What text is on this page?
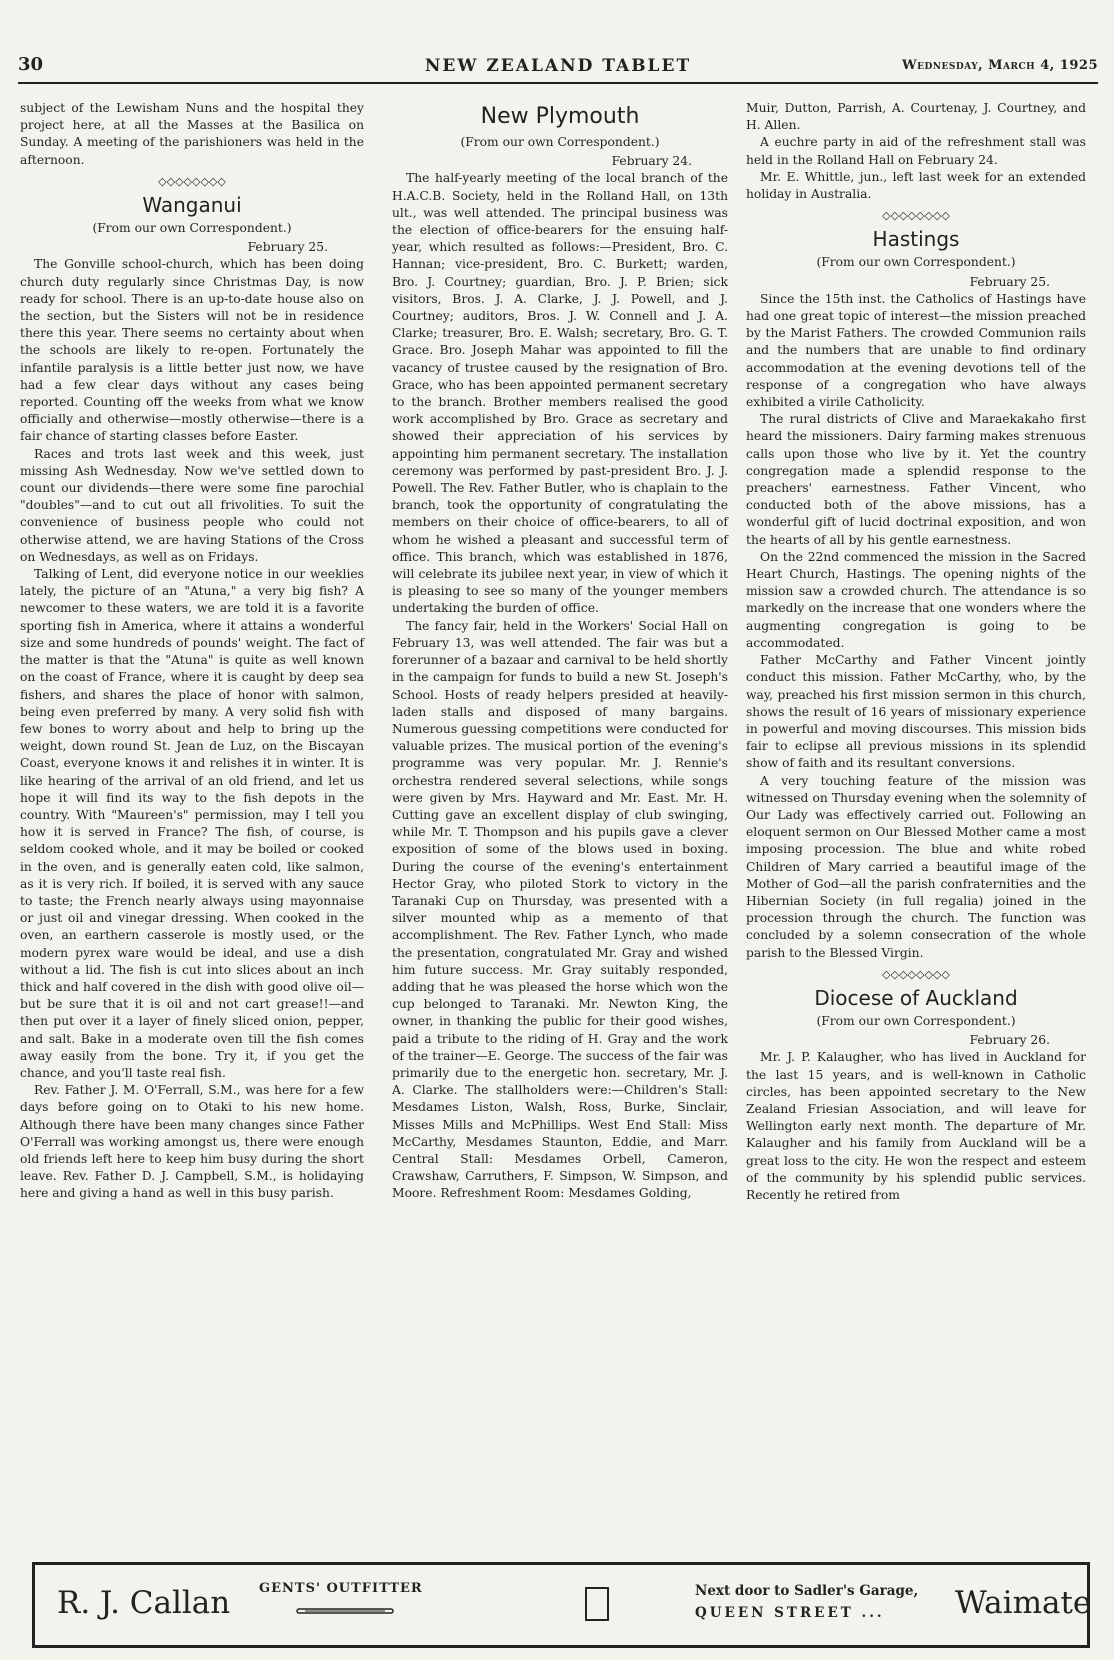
30	NEW ZEALAND TABLET	Wednesday, March 4, 1925

subject of the Lewisham Nuns and the hospital they project here, at all the Masses at the Basilica on Sunday. A meeting of the parishioners was held in the afternoon.

◇◇◇◇◇◇◇◇
Wanganui
(From our own Correspondent.)

February 25.

The Gonville school-church, which has been doing church duty regularly since Christmas Day, is now ready for school. There is an up-to-date house also on the section, but the Sisters will not be in residence there this year. There seems no certainty about when the schools are likely to re-open. Fortunately the infantile paralysis is a little better just now, we have had a few clear days without any cases being reported. Counting off the weeks from what we know officially and otherwise—mostly otherwise—there is a fair chance of starting classes before Easter.

Races and trots last week and this week, just missing Ash Wednesday. Now we've settled down to count our dividends—there were some fine parochial "doubles"—and to cut out all frivolities. To suit the convenience of business people who could not otherwise attend, we are having Stations of the Cross on Wednesdays, as well as on Fridays.

Talking of Lent, did everyone notice in our weeklies lately, the picture of an "Atuna," a very big fish? A newcomer to these waters, we are told it is a favorite sporting fish in America, where it attains a wonderful size and some hundreds of pounds' weight. The fact of the matter is that the "Atuna" is quite as well known on the coast of France, where it is caught by deep sea fishers, and shares the place of honor with salmon, being even preferred by many. A very solid fish with few bones to worry about and help to bring up the weight, down round St. Jean de Luz, on the Biscayan Coast, everyone knows it and relishes it in winter. It is like hearing of the arrival of an old friend, and let us hope it will find its way to the fish depots in the country. With "Maureen's" permission, may I tell you how it is served in France? The fish, of course, is seldom cooked whole, and it may be boiled or cooked in the oven, and is generally eaten cold, like salmon, as it is very rich. If boiled, it is served with any sauce to taste; the French nearly always using mayonnaise or just oil and vinegar dressing. When cooked in the oven, an earthern casserole is mostly used, or the modern pyrex ware would be ideal, and use a dish without a lid. The fish is cut into slices about an inch thick and half covered in the dish with good olive oil—but be sure that it is oil and not cart grease!!—and then put over it a layer of finely sliced onion, pepper, and salt. Bake in a moderate oven till the fish comes away easily from the bone. Try it, if you get the chance, and you'll taste real fish.

Rev. Father J. M. O'Ferrall, S.M., was here for a few days before going on to Otaki to his new home. Although there have been many changes since Father O'Ferrall was working amongst us, there were enough old friends left here to keep him busy during the short leave. Rev. Father D. J. Campbell, S.M., is holidaying here and giving a hand as well in this busy parish.

New Plymouth
(From our own Correspondent.)

February 24.

The half-yearly meeting of the local branch of the H.A.C.B. Society, held in the Rolland Hall, on 13th ult., was well attended. The principal business was the election of office-bearers for the ensuing half-year, which resulted as follows:—President, Bro. C. Hannan; vice-president, Bro. C. Burkett; warden, Bro. J. Courtney; guardian, Bro. J. P. Brien; sick visitors, Bros. J. A. Clarke, J. J. Powell, and J. Courtney; auditors, Bros. J. W. Connell and J. A. Clarke; treasurer, Bro. E. Walsh; secretary, Bro. G. T. Grace. Bro. Joseph Mahar was appointed to fill the vacancy of trustee caused by the resignation of Bro. Grace, who has been appointed permanent secretary to the branch. Brother members realised the good work accomplished by Bro. Grace as secretary and showed their appreciation of his services by appointing him permanent secretary. The installation ceremony was performed by past-president Bro. J. J. Powell. The Rev. Father Butler, who is chaplain to the branch, took the opportunity of congratulating the members on their choice of office-bearers, to all of whom he wished a pleasant and successful term of office. This branch, which was established in 1876, will celebrate its jubilee next year, in view of which it is pleasing to see so many of the younger members undertaking the burden of office.

The fancy fair, held in the Workers' Social Hall on February 13, was well attended. The fair was but a forerunner of a bazaar and carnival to be held shortly in the campaign for funds to build a new St. Joseph's School. Hosts of ready helpers presided at heavily-laden stalls and disposed of many bargains. Numerous guessing competitions were conducted for valuable prizes. The musical portion of the evening's programme was very popular. Mr. J. Rennie's orchestra rendered several selections, while songs were given by Mrs. Hayward and Mr. East. Mr. H. Cutting gave an excellent display of club swinging, while Mr. T. Thompson and his pupils gave a clever exposition of some of the blows used in boxing. During the course of the evening's entertainment Hector Gray, who piloted Stork to victory in the Taranaki Cup on Thursday, was presented with a silver mounted whip as a memento of that accomplishment. The Rev. Father Lynch, who made the presentation, congratulated Mr. Gray and wished him future success. Mr. Gray suitably responded, adding that he was pleased the horse which won the cup belonged to Taranaki. Mr. Newton King, the owner, in thanking the public for their good wishes, paid a tribute to the riding of H. Gray and the work of the trainer—E. George. The success of the fair was primarily due to the energetic hon. secretary, Mr. J. A. Clarke. The stallholders were:—Children's Stall: Mesdames Liston, Walsh, Ross, Burke, Sinclair, Misses Mills and McPhillips. West End Stall: Miss McCarthy, Mesdames Staunton, Eddie, and Marr. Central Stall: Mesdames Orbell, Cameron, Crawshaw, Carruthers, F. Simpson, W. Simpson, and Moore. Refreshment Room: Mesdames Golding,

Muir, Dutton, Parrish, A. Courtenay, J. Courtney, and H. Allen.

A euchre party in aid of the refreshment stall was held in the Rolland Hall on February 24.

Mr. E. Whittle, jun., left last week for an extended holiday in Australia.

◇◇◇◇◇◇◇◇
Hastings
(From our own Correspondent.)

February 25.

Since the 15th inst. the Catholics of Hastings have had one great topic of interest—the mission preached by the Marist Fathers. The crowded Communion rails and the numbers that are unable to find ordinary accommodation at the evening devotions tell of the response of a congregation who have always exhibited a virile Catholicity.

The rural districts of Clive and Maraekakaho first heard the missioners. Dairy farming makes strenuous calls upon those who live by it. Yet the country congregation made a splendid response to the preachers' earnestness. Father Vincent, who conducted both of the above missions, has a wonderful gift of lucid doctrinal exposition, and won the hearts of all by his gentle earnestness.

On the 22nd commenced the mission in the Sacred Heart Church, Hastings. The opening nights of the mission saw a crowded church. The attendance is so markedly on the increase that one wonders where the augmenting congregation is going to be accommodated.

Father McCarthy and Father Vincent jointly conduct this mission. Father McCarthy, who, by the way, preached his first mission sermon in this church, shows the result of 16 years of missionary experience in powerful and moving discourses. This mission bids fair to eclipse all previous missions in its splendid show of faith and its resultant conversions.

A very touching feature of the mission was witnessed on Thursday evening when the solemnity of Our Lady was effectively carried out. Following an eloquent sermon on Our Blessed Mother came a most imposing procession. The blue and white robed Children of Mary carried a beautiful image of the Mother of God—all the parish confraternities and the Hibernian Society (in full regalia) joined in the procession through the church. The function was concluded by a solemn consecration of the whole parish to the Blessed Virgin.

◇◇◇◇◇◇◇◇
Diocese of Auckland
(From our own Correspondent.)

February 26.

Mr. J. P. Kalaugher, who has lived in Auckland for the last 15 years, and is well-known in Catholic circles, has been appointed secretary to the New Zealand Friesian Association, and will leave for Wellington early next month. The departure of Mr. Kalaugher and his family from Auckland will be a great loss to the city. He won the respect and esteem of the community by his splendid public services. Recently he retired from

R. J. Callan GENTS' OUTFITTER	Next door to Sadler's Garage,
QUEEN STREET ... Waimate
